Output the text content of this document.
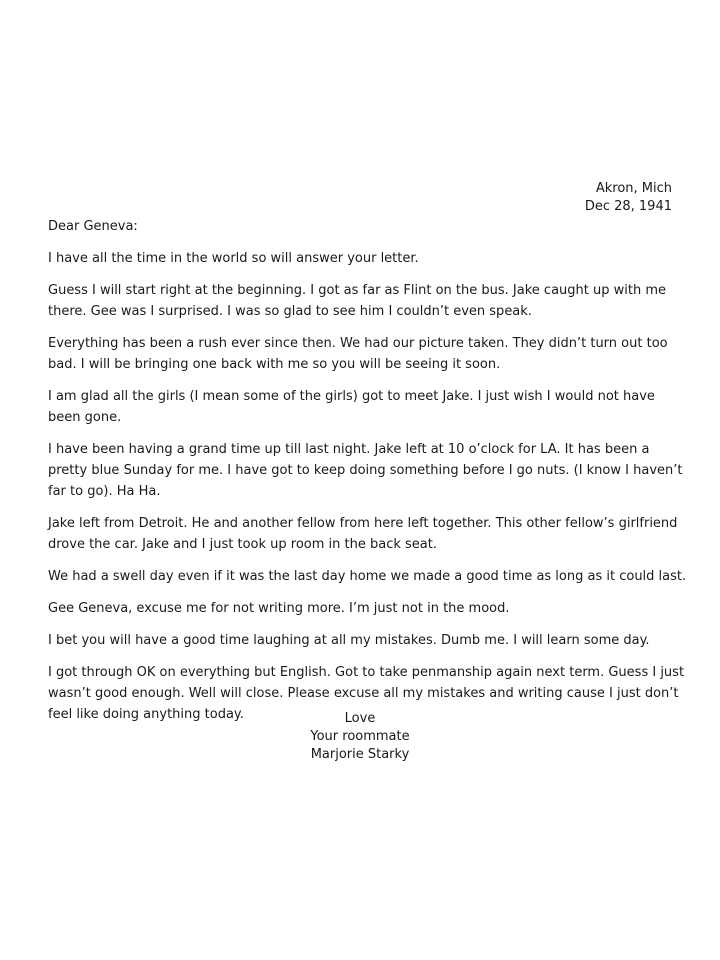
Akron, Mich
Dec 28, 1941

Dear Geneva:

I have all the time in the world so will answer your letter.

Guess I will start right at the beginning. I got as far as Flint on the bus. Jake caught up with me there. Gee was I surprised. I was so glad to see him I couldn’t even speak.

Everything has been a rush ever since then. We had our picture taken. They didn’t turn out too bad. I will be bringing one back with me so you will be seeing it soon.

I am glad all the girls (I mean some of the girls) got to meet Jake. I just wish I would not have been gone.

I have been having a grand time up till last night. Jake left at 10 o’clock for LA. It has been a pretty blue Sunday for me. I have got to keep doing something before I go nuts. (I know I haven’t far to go). Ha Ha.

Jake left from Detroit. He and another fellow from here left together. This other fellow’s girlfriend drove the car. Jake and I just took up room in the back seat.

We had a swell day even if it was the last day home we made a good time as long as it could last.

Gee Geneva, excuse me for not writing more. I’m just not in the mood.

I bet you will have a good time laughing at all my mistakes. Dumb me. I will learn some day.

I got through OK on everything but English. Got to take penmanship again next term. Guess I just wasn’t good enough. Well will close. Please excuse all my mistakes and writing cause I just don’t feel like doing anything today.	Love
Your roommate
Marjorie Starky
